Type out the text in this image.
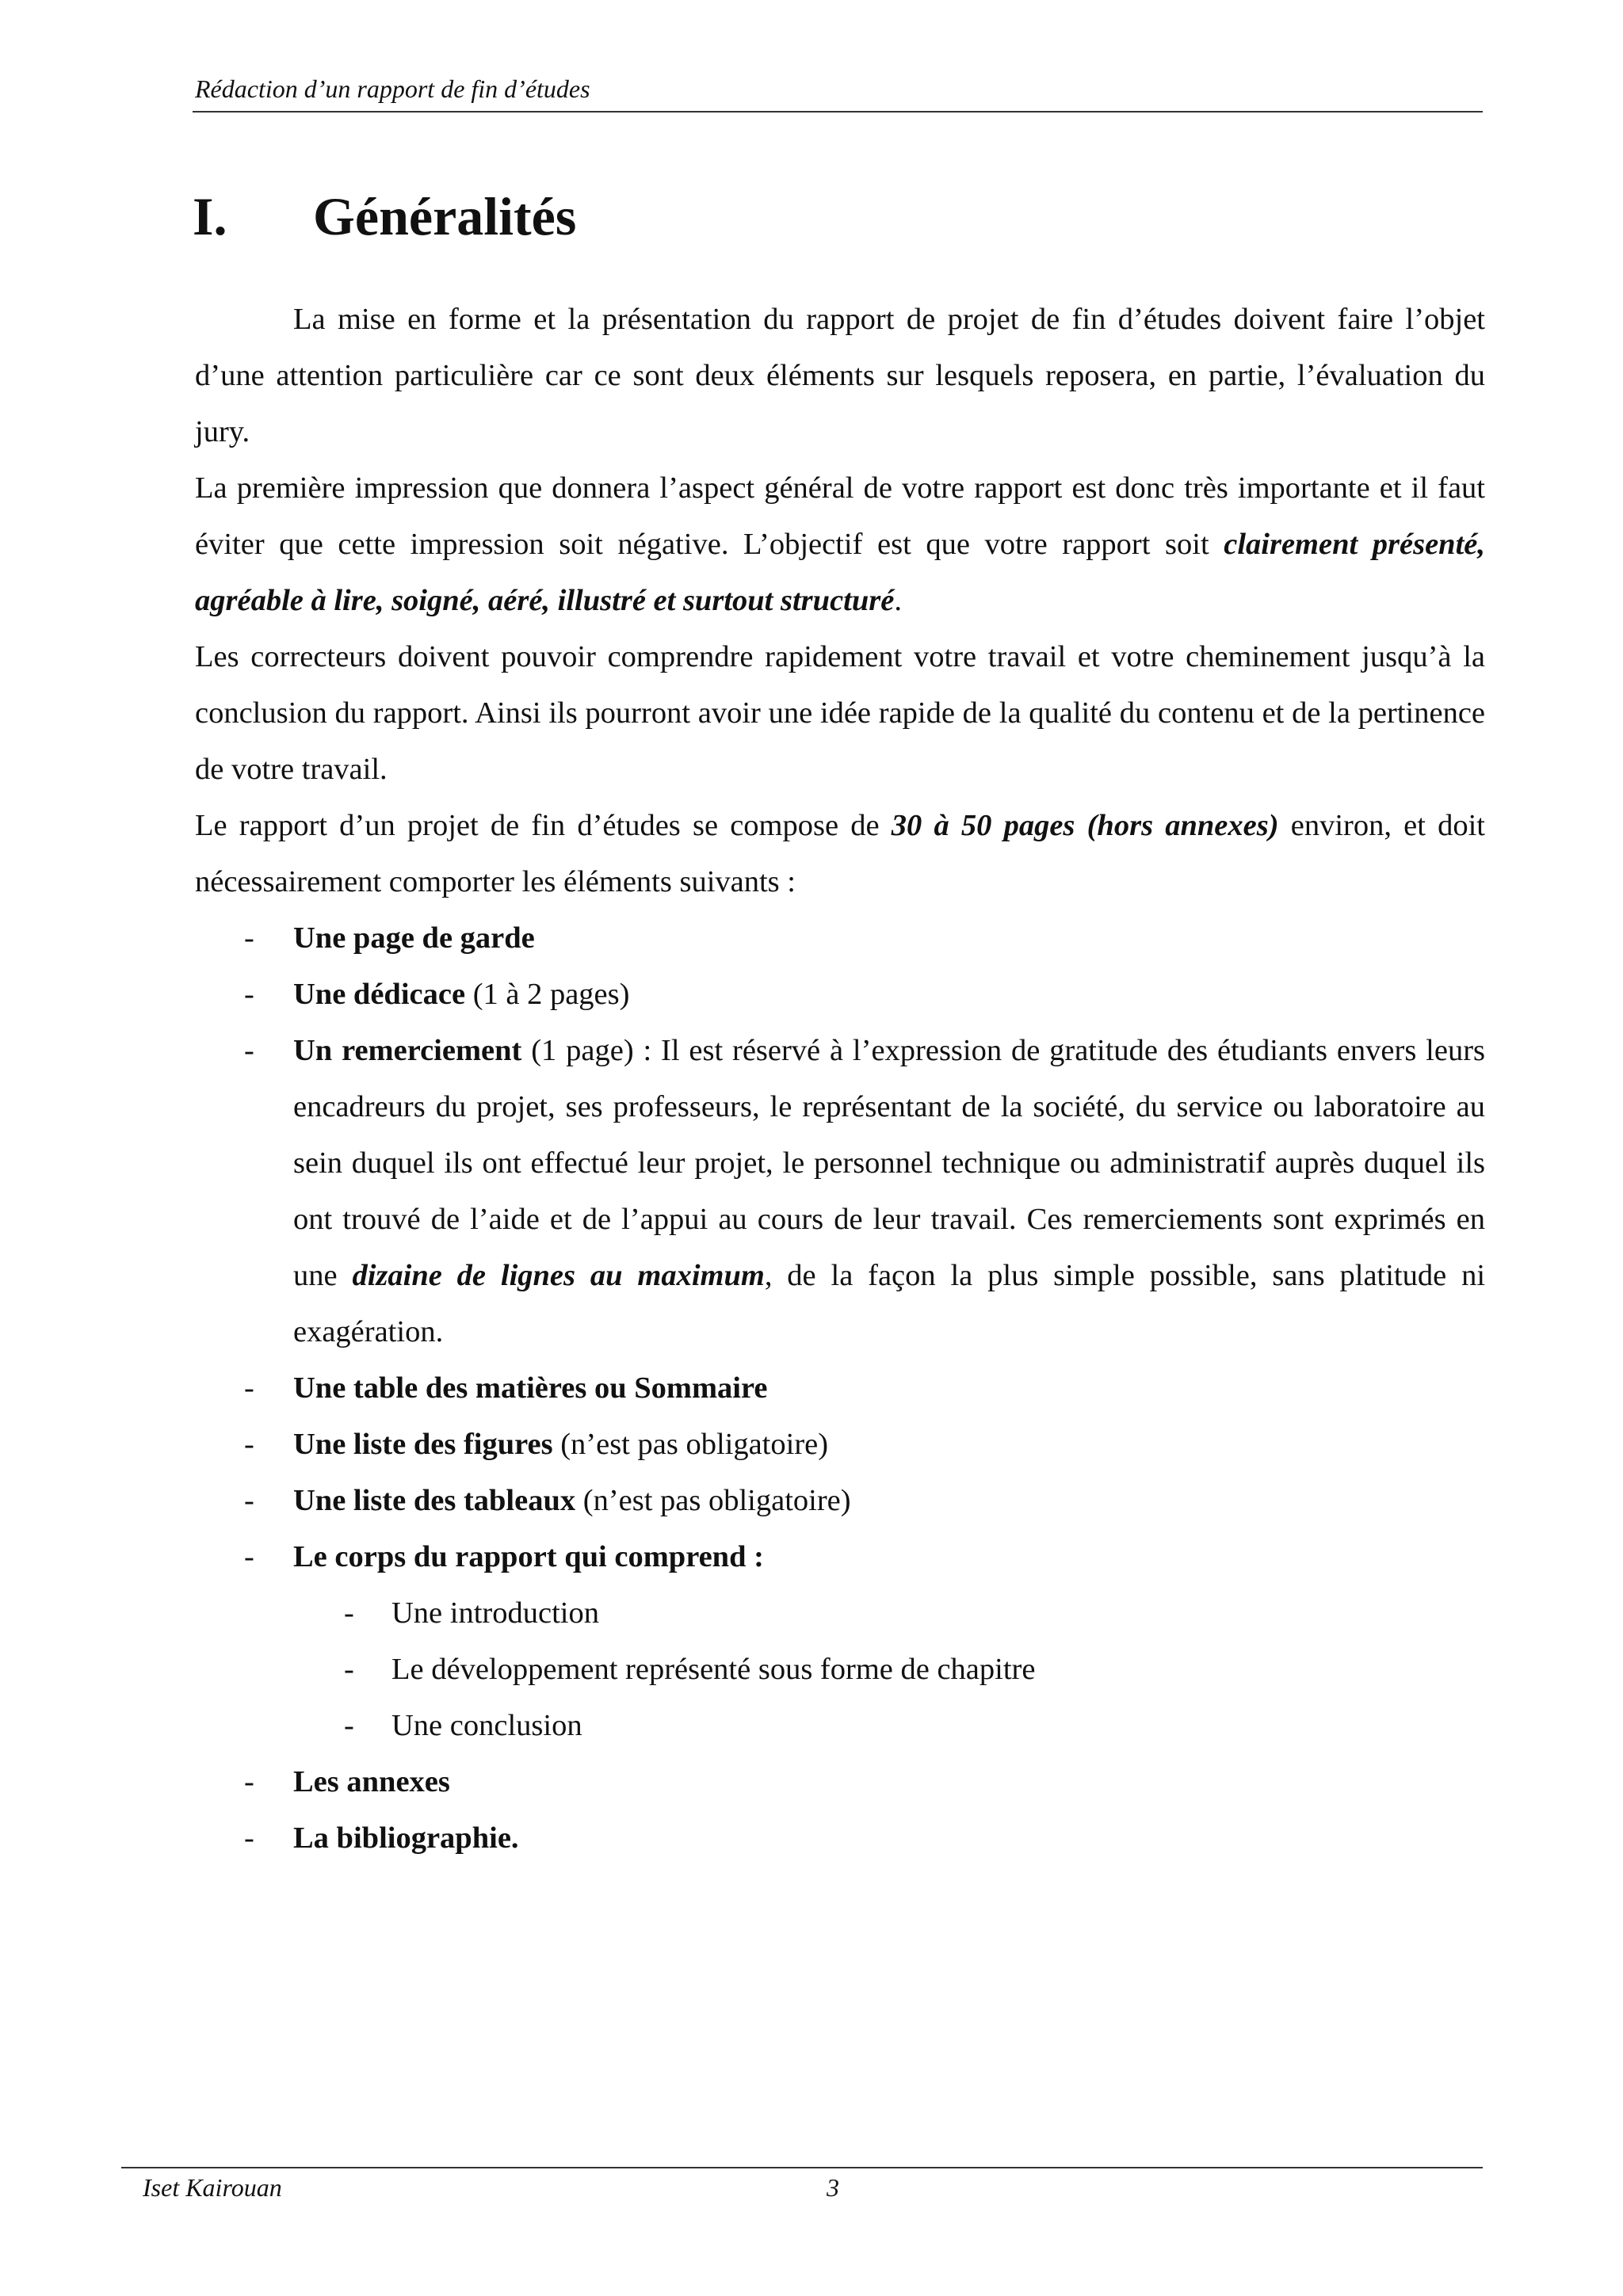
Rédaction d’un rapport de fin d’études
I. Généralités

La mise en forme et la présentation du rapport de projet de fin d’études doivent faire l’objet d’une attention particulière car ce sont deux éléments sur lesquels reposera, en partie, l’évaluation du jury.

La première impression que donnera l’aspect général de votre rapport est donc très importante et il faut éviter que cette impression soit négative. L’objectif est que votre rapport soit clairement présenté, agréable à lire, soigné, aéré, illustré et surtout structuré.

Les correcteurs doivent pouvoir comprendre rapidement votre travail et votre cheminement jusqu’à la conclusion du rapport. Ainsi ils pourront avoir une idée rapide de la qualité du contenu et de la pertinence de votre travail.

Le rapport d’un projet de fin d’études se compose de 30 à 50 pages (hors annexes) environ, et doit nécessairement comporter les éléments suivants :

- Une page de garde
- Une dédicace (1 à 2 pages)
- Un remerciement (1 page) : Il est réservé à l’expression de gratitude des étudiants envers leurs encadreurs du projet, ses professeurs, le représentant de la société, du service ou laboratoire au sein duquel ils ont effectué leur projet, le personnel technique ou administratif auprès duquel ils ont trouvé de l’aide et de l’appui au cours de leur travail. Ces remerciements sont exprimés en une dizaine de lignes au maximum, de la façon la plus simple possible, sans platitude ni exagération.
- Une table des matières ou Sommaire
- Une liste des figures (n’est pas obligatoire)
- Une liste des tableaux (n’est pas obligatoire)
- Le corps du rapport qui comprend :
- Une introduction
- Le développement représenté sous forme de chapitre
- Une conclusion
- Les annexes
- La bibliographie.
Iset Kairouan	3
